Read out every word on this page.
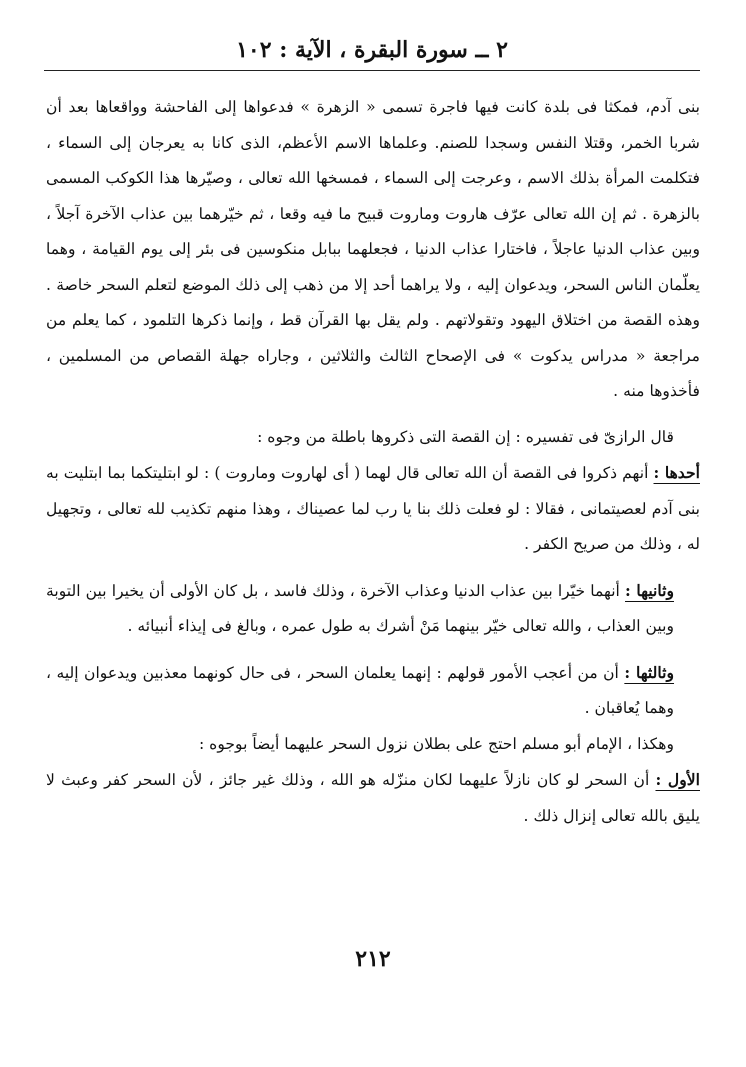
٢ ــ سورة البقرة ، الآية : ١٠٢

بنى آدم، فمكثا فى بلدة كانت فيها فاجرة تسمى « الزهرة » فدعواها إلى الفاحشة وواقعاها بعد أن شربا الخمر، وقتلا النفس وسجدا للصنم. وعلماها الاسم الأعظم، الذى كانا به يعرجان إلى السماء ، فتكلمت المرأة بذلك الاسم ، وعرجت إلى السماء ، فمسخها الله تعالى ، وصيّرها هذا الكوكب المسمى بالزهرة . ثم إن الله تعالى عرّف هاروت وماروت قبيح ما فيه وقعا ، ثم خيّرهما بين عذاب الآخرة آجلاً ، وبين عذاب الدنيا عاجلاً ، فاختارا عذاب الدنيا ، فجعلهما ببابل منكوسين فى بئر إلى يوم القيامة ، وهما يعلّمان الناس السحر، ويدعوان إليه ، ولا يراهما أحد إلا من ذهب إلى ذلك الموضع لتعلم السحر خاصة . وهذه القصة من اختلاق اليهود وتقولاتهم . ولم يقل بها القرآن قط ، وإنما ذكرها التلمود ، كما يعلم من مراجعة « مدراس يدكوت » فى الإصحاح الثالث والثلاثين ، وجاراه جهلة القصاص من المسلمين ، فأخذوها منه .

قال الرازىّ فى تفسيره : إن القصة التى ذكروها باطلة من وجوه :

أحدها : أنهم ذكروا فى القصة أن الله تعالى قال لهما ( أى لهاروت وماروت ) : لو ابتليتكما بما ابتليت به بنى آدم لعصيتمانى ، فقالا : لو فعلت ذلك بنا يا رب لما عصيناك ، وهذا منهم تكذيب لله تعالى ، وتجهيل له ، وذلك من صريح الكفر .

وثانيها : أنهما خيّرا بين عذاب الدنيا وعذاب الآخرة ، وذلك فاسد ، بل كان الأولى أن يخيرا بين التوبة وبين العذاب ، والله تعالى خيّر بينهما مَنْ أشرك به طول عمره ، وبالغ فى إيذاء أنبيائه .

وثالثها : أن من أعجب الأمور قولهم : إنهما يعلمان السحر ، فى حال كونهما معذبين ويدعوان إليه ، وهما يُعاقبان .

وهكذا ، الإمام أبو مسلم احتج على بطلان نزول السحر عليهما أيضاً بوجوه :

الأول : أن السحر لو كان نازلاً عليهما لكان منزّله هو الله ، وذلك غير جائز ، لأن السحر كفر وعبث لا يليق بالله تعالى إنزال ذلك .

٢١٢
